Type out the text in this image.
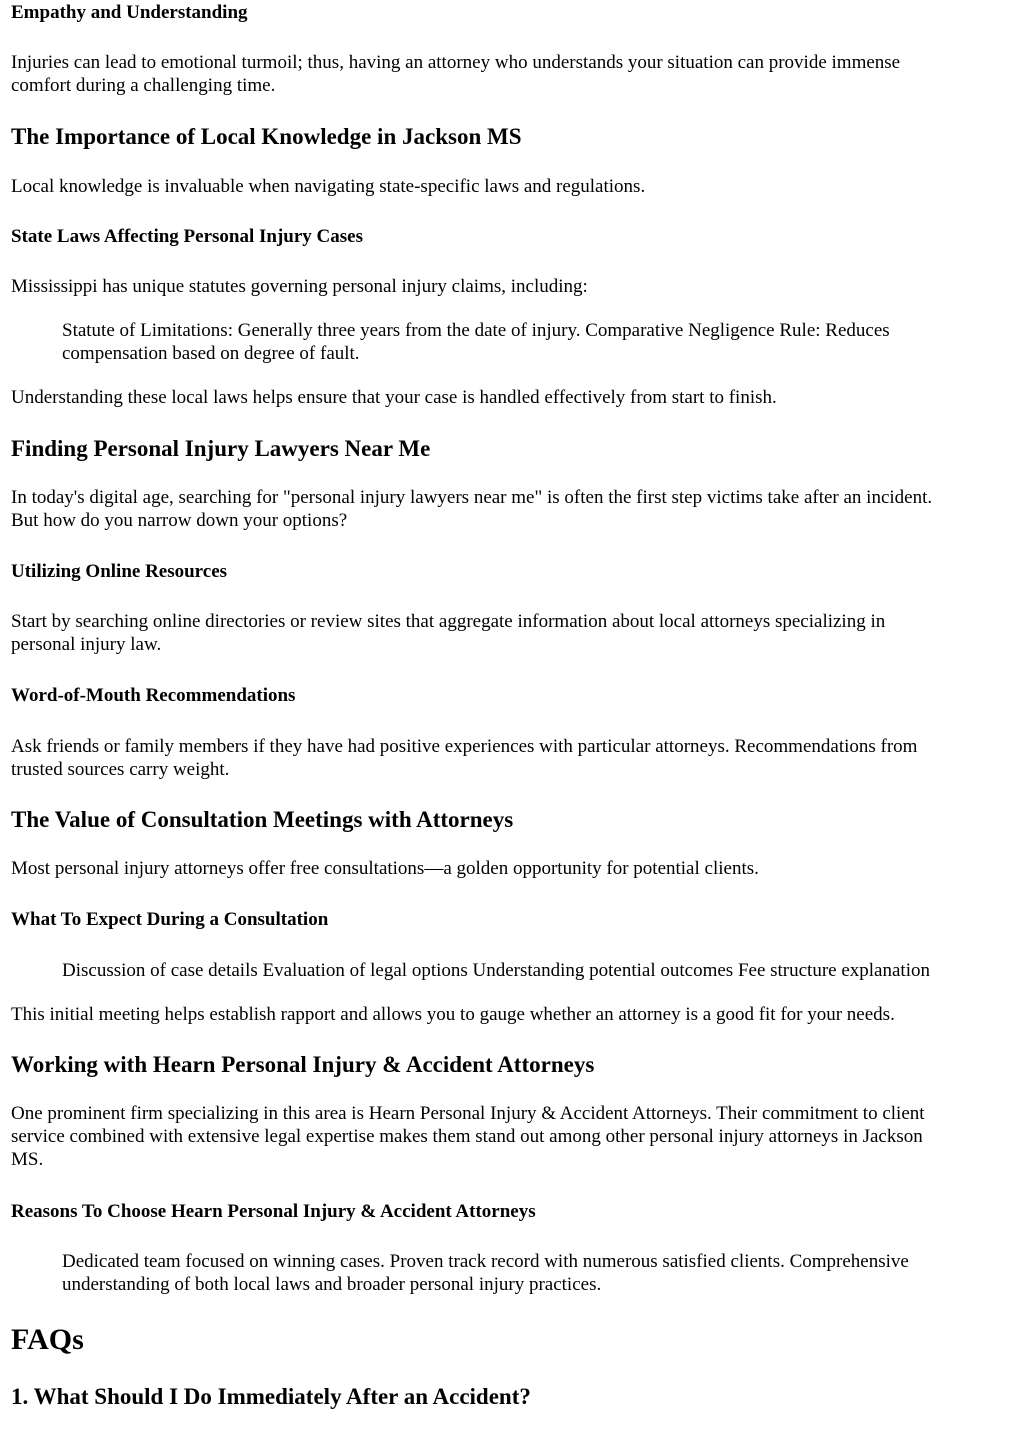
Empathy and Understanding

Injuries can lead to emotional turmoil; thus, having an attorney who understands your situation can provide immense

comfort during a challenging time.

The Importance of Local Knowledge in Jackson MS

Local knowledge is invaluable when navigating state-specific laws and regulations.

State Laws Affecting Personal Injury Cases

Mississippi has unique statutes governing personal injury claims, including:

Statute of Limitations: Generally three years from the date of injury. Comparative Negligence Rule: Reduces

compensation based on degree of fault.

Understanding these local laws helps ensure that your case is handled effectively from start to finish.

Finding Personal Injury Lawyers Near Me

In today's digital age, searching for "personal injury lawyers near me" is often the first step victims take after an incident.

But how do you narrow down your options?

Utilizing Online Resources

Start by searching online directories or review sites that aggregate information about local attorneys specializing in

personal injury law.

Word-of-Mouth Recommendations

Ask friends or family members if they have had positive experiences with particular attorneys. Recommendations from

trusted sources carry weight.

The Value of Consultation Meetings with Attorneys

Most personal injury attorneys offer free consultations—a golden opportunity for potential clients.

What To Expect During a Consultation

Discussion of case details Evaluation of legal options Understanding potential outcomes Fee structure explanation

This initial meeting helps establish rapport and allows you to gauge whether an attorney is a good fit for your needs.

Working with Hearn Personal Injury & Accident Attorneys

One prominent firm specializing in this area is Hearn Personal Injury & Accident Attorneys. Their commitment to client

service combined with extensive legal expertise makes them stand out among other personal injury attorneys in Jackson

MS.

Reasons To Choose Hearn Personal Injury & Accident Attorneys

Dedicated team focused on winning cases. Proven track record with numerous satisfied clients. Comprehensive

understanding of both local laws and broader personal injury practices.

FAQs
1. What Should I Do Immediately After an Accident?
